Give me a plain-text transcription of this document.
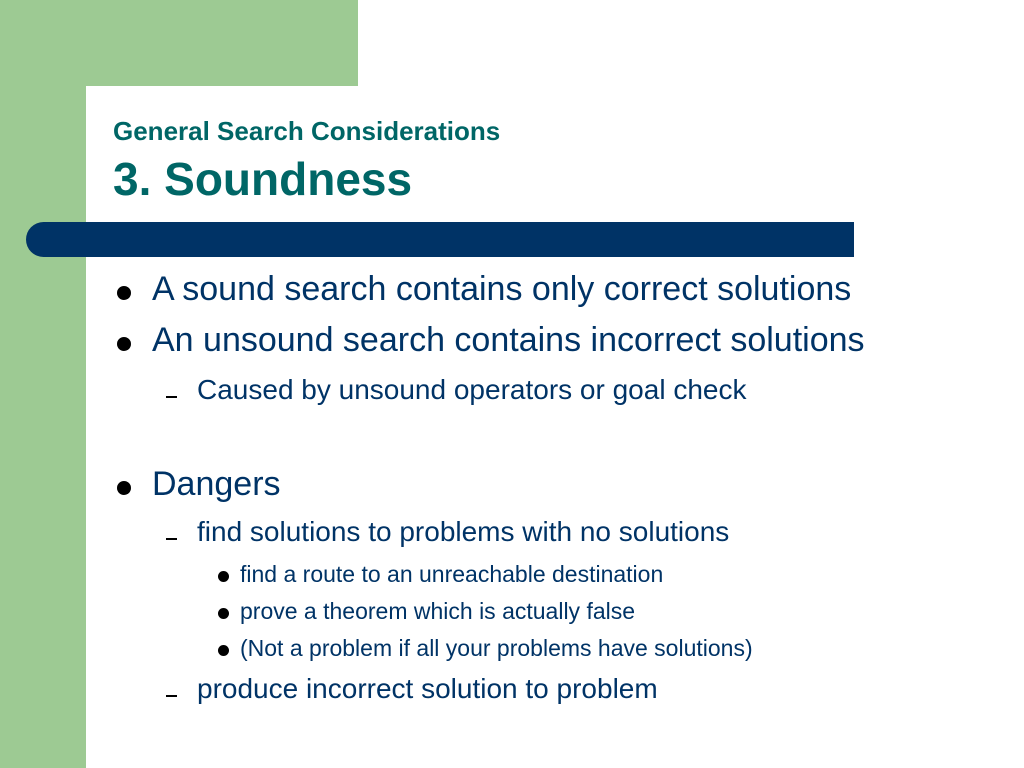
General Search Considerations
3. Soundness
A sound search contains only correct solutions
An unsound search contains incorrect solutions
Caused by unsound operators or goal check
Dangers
find solutions to problems with no solutions
find a route to an unreachable destination
prove a theorem which is actually false
(Not a problem if all your problems have solutions)
produce incorrect solution to problem
